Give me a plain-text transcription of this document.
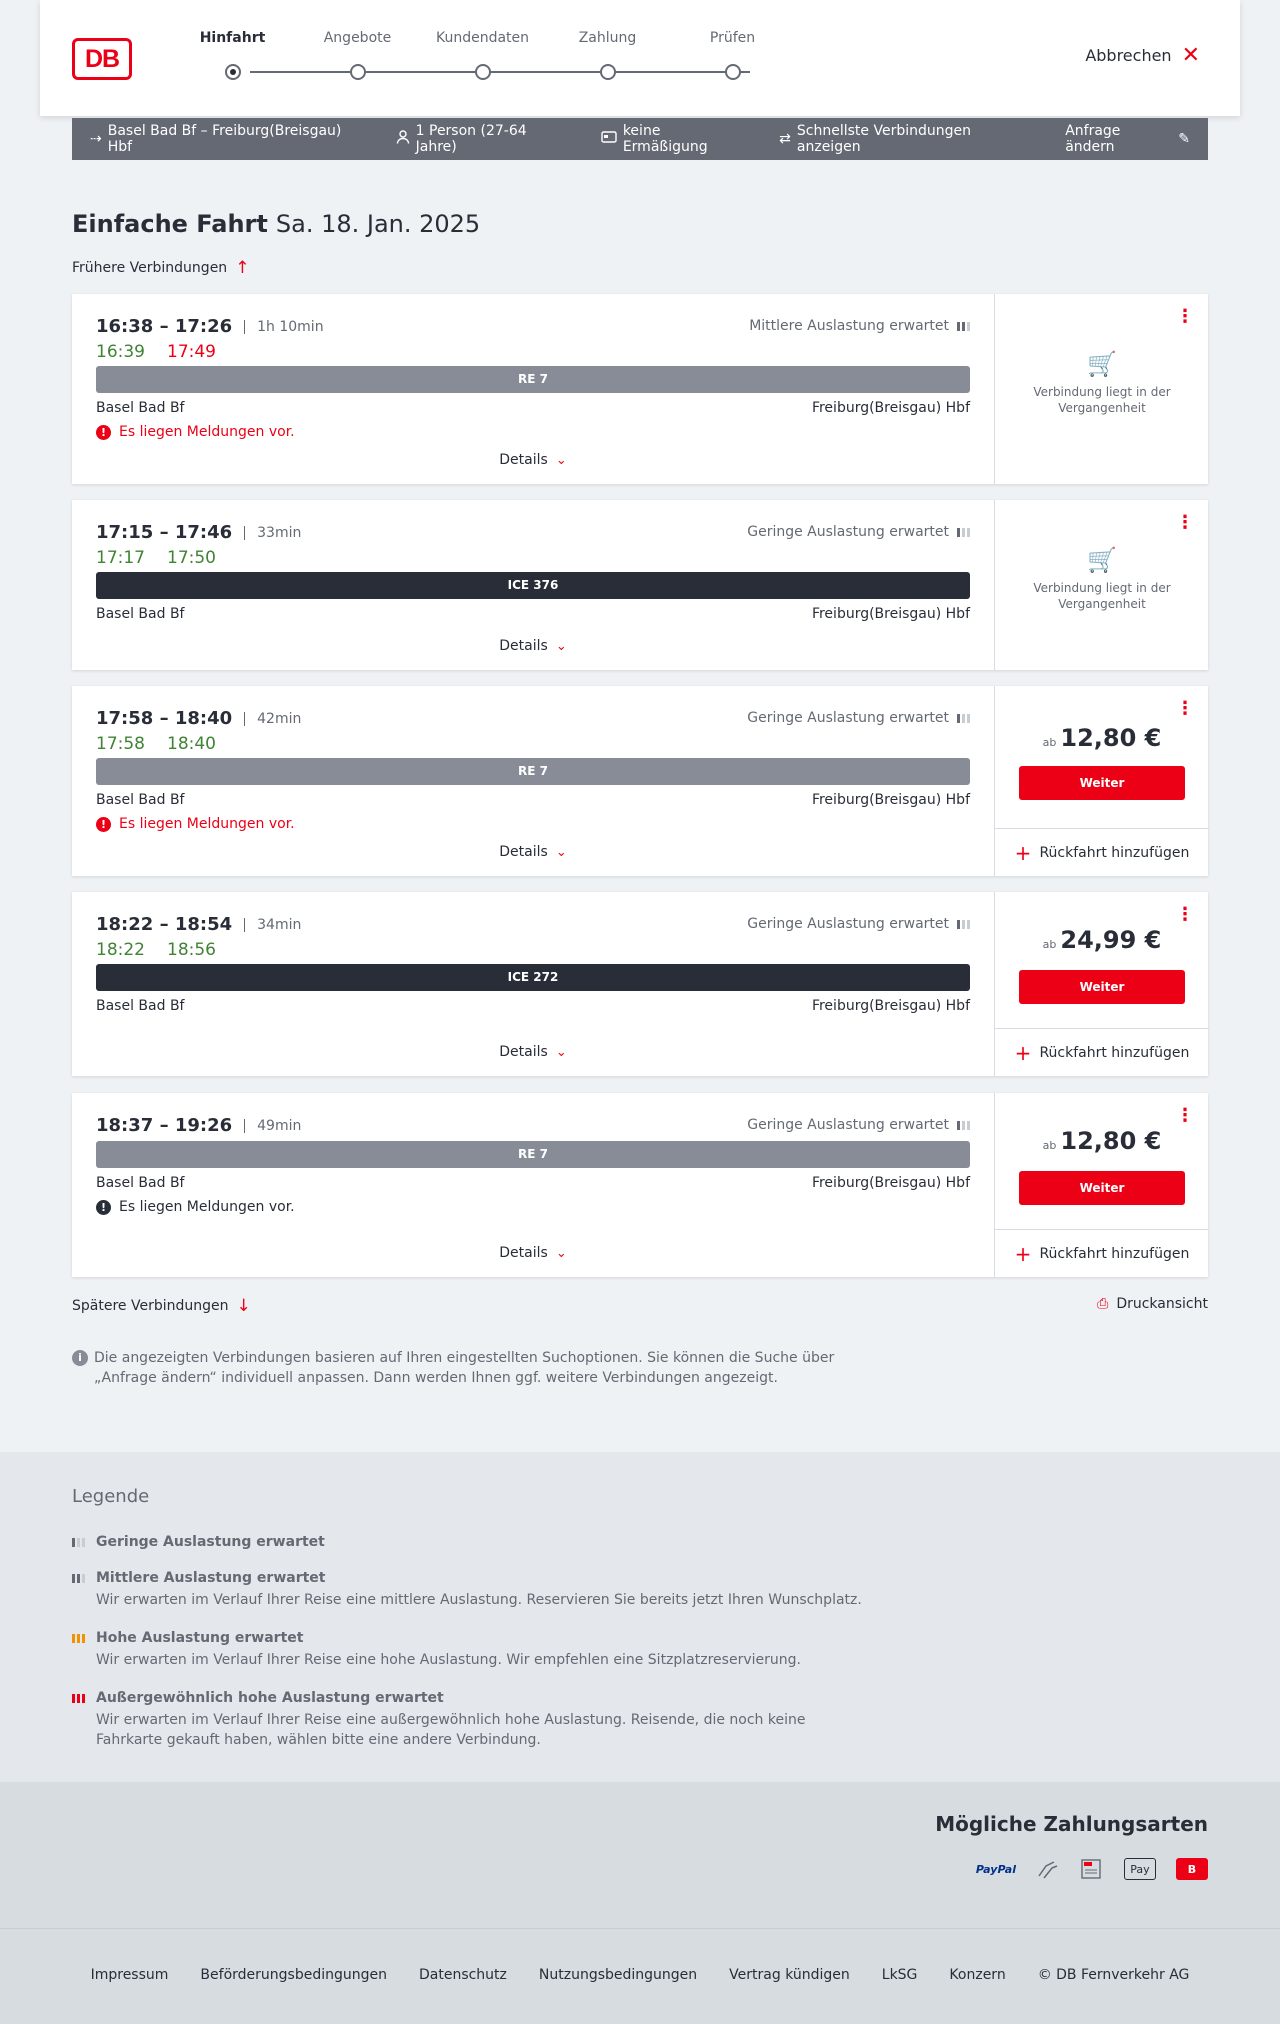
DB
Hinfahrt	Angebote	Kundendaten	Zahlung	Prüfen
Abbrechen ✕
⇢ Basel Bad Bf – Freiburg(Breisgau) Hbf
1 Person (27-64 Jahre)
keine Ermäßigung	⇄ Schnellste Verbindungen anzeigen
Anfrage ändern	✎
Einfache Fahrt Sa. 18. Jan. 2025
Frühere Verbindungen ↑
16:38 – 17:26	1h 10min
16:39 17:49
Mittlere Auslastung erwartet
RE 7
Basel Bad Bf	Freiburg(Breisgau) Hbf
! Es liegen Meldungen vor.
Details ⌄
⋮
🛒
Verbindung liegt in der Vergangenheit
17:15 – 17:46	33min
17:17 17:50
Geringe Auslastung erwartet
ICE 376
Basel Bad Bf	Freiburg(Breisgau) Hbf
Details ⌄
⋮
🛒
Verbindung liegt in der Vergangenheit
17:58 – 18:40	42min
17:58 18:40
Geringe Auslastung erwartet
RE 7
Basel Bad Bf	Freiburg(Breisgau) Hbf
! Es liegen Meldungen vor.
Details ⌄
⋮
ab 12,80 €
Weiter
+ Rückfahrt hinzufügen
18:22 – 18:54	34min
18:22 18:56
Geringe Auslastung erwartet
ICE 272
Basel Bad Bf	Freiburg(Breisgau) Hbf
Details ⌄
⋮
ab 24,99 €
Weiter
+ Rückfahrt hinzufügen
18:37 – 19:26	49min	Geringe Auslastung erwartet
RE 7
Basel Bad Bf	Freiburg(Breisgau) Hbf
! Es liegen Meldungen vor.
Details ⌄
⋮
ab 12,80 €
Weiter
+ Rückfahrt hinzufügen
Spätere Verbindungen ↓	⎙ Druckansicht
i Die angezeigten Verbindungen basieren auf Ihren eingestellten Suchoptionen. Sie können die Suche über „Anfrage ändern“ individuell anpassen. Dann werden Ihnen ggf. weitere Verbindungen angezeigt.
Legende
Geringe Auslastung erwartet
Mittlere Auslastung erwartet
Wir erwarten im Verlauf Ihrer Reise eine mittlere Auslastung. Reservieren Sie bereits jetzt Ihren Wunschplatz.
Hohe Auslastung erwartet
Wir erwarten im Verlauf Ihrer Reise eine hohe Auslastung. Wir empfehlen eine Sitzplatzreservierung.
Außergewöhnlich hohe Auslastung erwartet
Wir erwarten im Verlauf Ihrer Reise eine außergewöhnlich hohe Auslastung. Reisende, die noch keine Fahrkarte gekauft haben, wählen bitte eine andere Verbindung.
Mögliche Zahlungsarten
PayPal	Pay	B
Impressum Beförderungsbedingungen Datenschutz Nutzungsbedingungen Vertrag kündigen LkSG Konzern © DB Fernverkehr AG
